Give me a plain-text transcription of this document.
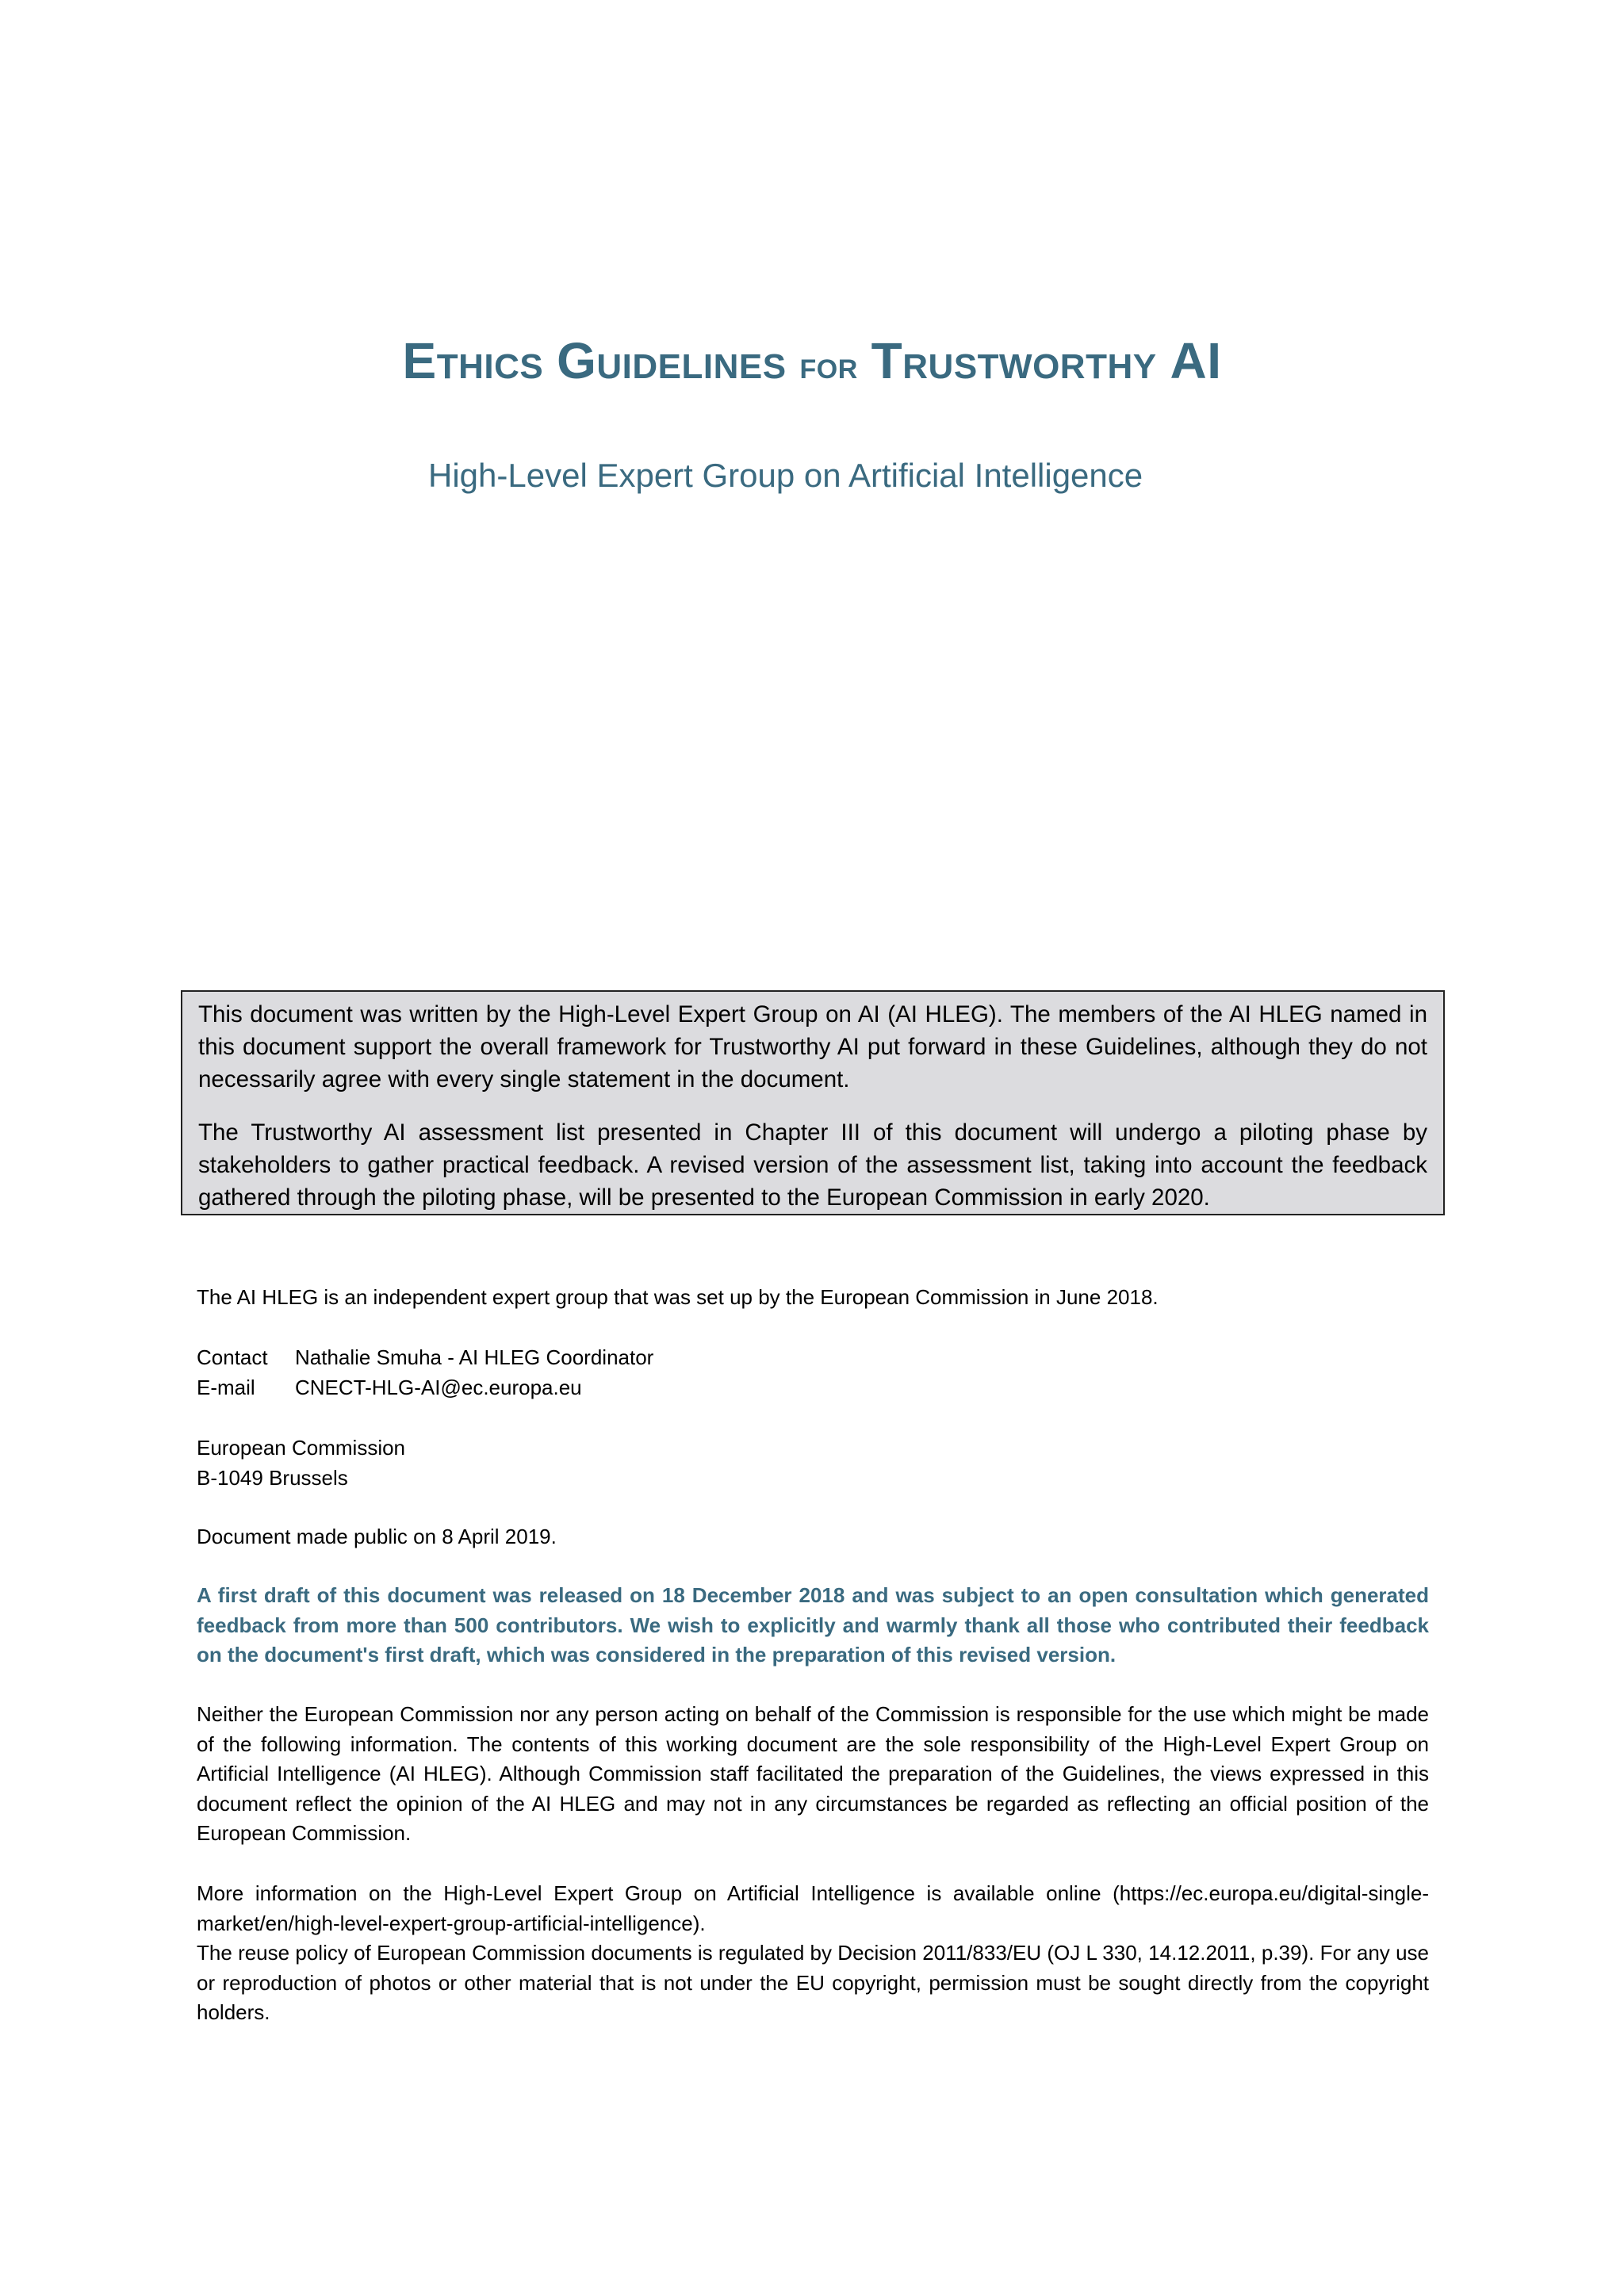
ETHICS GUIDELINES FOR TRUSTWORTHY AI
High-Level Expert Group on Artificial Intelligence

This document was written by the High-Level Expert Group on AI (AI HLEG). The members of the AI HLEG named in this document support the overall framework for Trustworthy AI put forward in these Guidelines, although they do not necessarily agree with every single statement in the document.

The Trustworthy AI assessment list presented in Chapter III of this document will undergo a piloting phase by stakeholders to gather practical feedback. A revised version of the assessment list, taking into account the feedback gathered through the piloting phase, will be presented to the European Commission in early 2020.

The AI HLEG is an independent expert group that was set up by the European Commission in June 2018.
Contact	Nathalie Smuha - AI HLEG Coordinator
E-mail	CNECT-HLG-AI@ec.europa.eu
European Commission
B-1049 Brussels
Document made public on 8 April 2019.
A first draft of this document was released on 18 December 2018 and was subject to an open consultation which generated feedback from more than 500 contributors. We wish to explicitly and warmly thank all those who contributed their feedback on the document's first draft, which was considered in the preparation of this revised version.
Neither the European Commission nor any person acting on behalf of the Commission is responsible for the use which might be made of the following information. The contents of this working document are the sole responsibility of the High-Level Expert Group on Artificial Intelligence (AI HLEG). Although Commission staff facilitated the preparation of the Guidelines, the views expressed in this document reflect the opinion of the AI HLEG and may not in any circumstances be regarded as reflecting an official position of the European Commission.
More information on the High-Level Expert Group on Artificial Intelligence is available online (https://ec.europa.eu/digital-single-market/en/high-level-expert-group-artificial-intelligence).
The reuse policy of European Commission documents is regulated by Decision 2011/833/EU (OJ L 330, 14.12.2011, p.39). For any use or reproduction of photos or other material that is not under the EU copyright, permission must be sought directly from the copyright holders.
